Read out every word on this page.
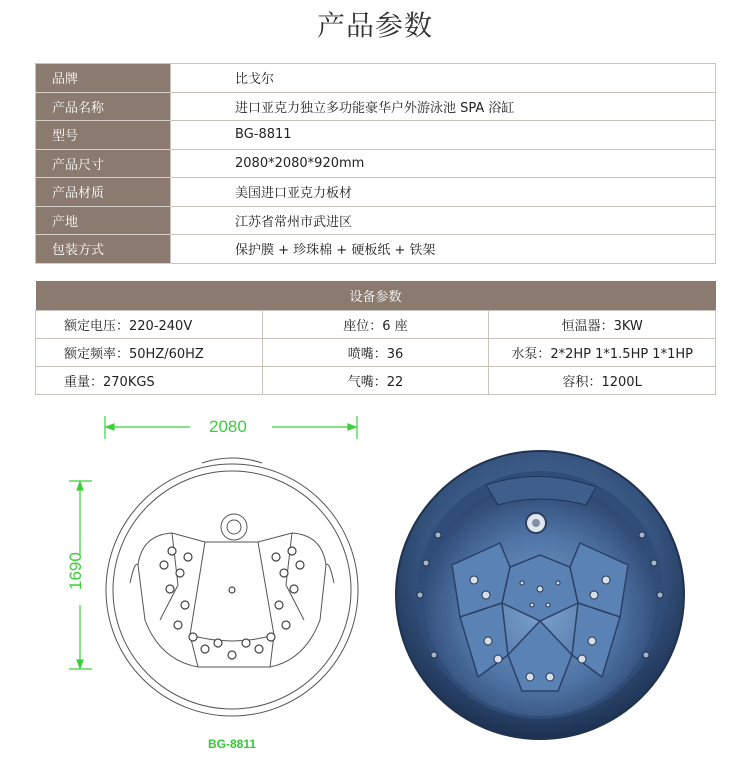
产品参数
品牌	比戈尔
产品名称	进口亚克力独立多功能豪华户外游泳池 SPA 浴缸
型号	BG-8811
产品尺寸	2080*2080*920mm
产品材质	美国进口亚克力板材
产地	江苏省常州市武进区
包装方式	保护膜 + 珍珠棉 + 硬板纸 + 铁架
设备参数		
额定电压：220-240V	座位：6 座	恒温器：3KW
额定频率：50HZ/60HZ	喷嘴：36	水泵：2*2HP 1*1.5HP 1*1HP
重量：270KGS	气嘴：22	容积：1200L
2080
1690
BG-8811
